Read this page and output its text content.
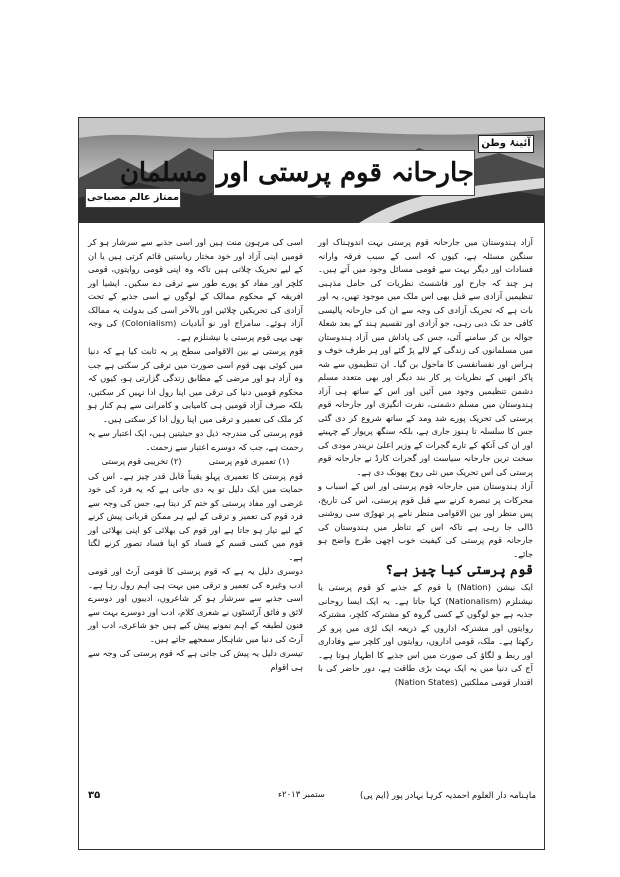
آئینۂ وطن
جارحانہ قوم پرستی اور مسلمان
ممتاز عالم مصباحی

آزاد ہندوستان میں جارحانہ قوم پرستی بہت اندوہناک اور سنگین مسئلہ ہے، کیوں کہ اسی کے سبب فرقہ وارانہ فسادات اور دیگر بہت سے قومی مسائل وجود میں آتے ہیں۔ ہر چند کہ جارح اور فاشسٹ نظریات کی حامل مذہبی تنظیمیں آزادی سے قبل بھی اس ملک میں موجود تھیں، یہ اور بات ہے کہ تحریک آزادی کی وجہ سے ان کی جارحانہ پالیسی کافی حد تک دبی رہی، جو آزادی اور تقسیم ہند کے بعد شعلۂ جوالہ بن کر سامنے آئی، جس کی پاداش میں آزاد ہندوستان میں مسلمانوں کی زندگی کے لالے پڑ گئے اور ہر طرف خوف و ہراس اور نفسانفسی کا ماحول بن گیا۔ ان تنظیموں سے شہ پاکر انھیں کے نظریات پر کار بند دیگر اور بھی متعدد مسلم دشمن تنظیمیں وجود میں آئیں اور اس کے ساتھ ہی آزاد ہندوستان میں مسلم دشمنی، نفرت انگیزی اور جارحانہ قوم پرستی کی تحریک پورے شد ومد کے ساتھ شروع کر دی گئی جس کا سلسلہ تا ہنوز جاری ہے، بلکہ سنگھ پریوار کے چہیتے اور ان کی آنکھ کے تارے گجرات کے وزیر اعلیٰ نریندر مودی کی سخت ترین جارحانہ سیاست اور گجرات کارڈ نے جارحانہ قوم پرستی کی اس تحریک میں نئی روح پھونک دی ہے۔

آزاد ہندوستان میں جارحانہ قوم پرستی اور اس کے اسباب و محرکات پر تبصرہ کرنے سے قبل قوم پرستی، اس کی تاریخ، پس منظر اور بین الاقوامی منظر نامے پر تھوڑی سی روشنی ڈالی جا رہی ہے تاکہ اس کے تناظر میں ہندوستان کی جارحانہ قوم پرستی کی کیفیت خوب اچھی طرح واضح ہو جائے۔

قوم پرستی کیا چیز ہے؟

ایک نیشن (Nation) یا قوم کے جذبے کو قوم پرستی یا نیشنلزم (Nationalism) کہا جاتا ہے۔ یہ ایک ایسا روحانی جذبہ ہے جو لوگوں کے کسی گروہ کو مشترکہ کلچر، مشترکہ روایتوں اور مشترکہ اداروں کے ذریعہ ایک لڑی میں پرو کر رکھتا ہے۔ ملک، قومی اداروں، روایتوں اور کلچر سے وفاداری اور ربط و لگاؤ کی صورت میں اس جذبے کا اظہار ہوتا ہے۔ آج کی دنیا میں یہ ایک بہت بڑی طاقت ہے، دور حاضر کی با اقتدار قومی مملکتیں (Nation States)

اسی کی مرہون منت ہیں اور اسی جذبے سے سرشار ہو کر قومیں اپنی آزاد اور خود مختار ریاستیں قائم کرتی ہیں یا ان کے لیے تحریک چلاتی ہیں تاکہ وہ اپنی قومی روایتوں، قومی کلچر اور مفاد کو پورے طور سے ترقی دے سکیں۔ ایشیا اور افریقہ کے محکوم ممالک کے لوگوں نے اسی جذبے کے تحت آزادی کی تحریکیں چلائیں اور بالآخر اسی کی بدولت یہ ممالک آزاد ہوئے۔ سامراج اور نو آبادیات (Colonialism) کی وجہ بھی یہی قوم پرستی یا نیشنلزم ہے۔

قوم پرستی نے بین الاقوامی سطح پر یہ ثابت کیا ہے کہ دنیا میں کوئی بھی قوم اسی صورت میں ترقی کر سکتی ہے جب وہ آزاد ہو اور مرضی کے مطابق زندگی گزارتی ہو، کیوں کہ محکوم قومیں دنیا کی ترقی میں اپنا رول ادا نہیں کر سکتیں، بلکہ صرف آزاد قومیں ہی کامیابی و کامرانی سے ہم کنار ہو کر ملک کی تعمیر و ترقی میں اپنا رول ادا کر سکتی ہیں۔

قوم پرستی کی مندرجہ ذیل دو حیثیتیں ہیں، ایک اعتبار سے یہ رحمت ہے، جب کہ دوسرے اعتبار سے زحمت۔

(۱) تعمیری قوم پرستی
(۲) تخریبی قوم پرستی

قوم پرستی کا تعمیری پہلو یقیناً قابل قدر چیز ہے۔ اس کی حمایت میں ایک دلیل تو یہ دی جاتی ہے کہ یہ فرد کی خود غرضی اور مفاد پرستی کو ختم کر دیتا ہے، جس کی وجہ سے فرد قوم کی تعمیر و ترقی کے لیے ہر ممکن قربانی پیش کرنے کے لیے تیار ہو جاتا ہے اور قوم کی بھلائی کو اپنی بھلائی اور قوم میں کسی قسم کے فساد کو اپنا فساد تصور کرنے لگتا ہے۔

دوسری دلیل یہ ہے کہ قوم پرستی کا قومی آرٹ اور قومی ادب وغیرہ کی تعمیر و ترقی میں بہت ہی اہم رول رہا ہے۔ اسی جذبے سے سرشار ہو کر شاعروں، ادیبوں اور دوسرے لائق و فائق آرٹسٹوں نے شعری کلام، ادب اور دوسرے بہت سے فنون لطیفہ کے اہم نمونے پیش کیے ہیں جو شاعری، ادب اور آرٹ کی دنیا میں شاہکار سمجھے جاتے ہیں۔

تیسری دلیل یہ پیش کی جاتی ہے کہ قوم پرستی کی وجہ سے ہی اقوام

ماہنامہ دار العلوم احمدیہ کرہا بہادر پور (ایم پی)
ستمبر ۲۰۱۳ء
۳۵
